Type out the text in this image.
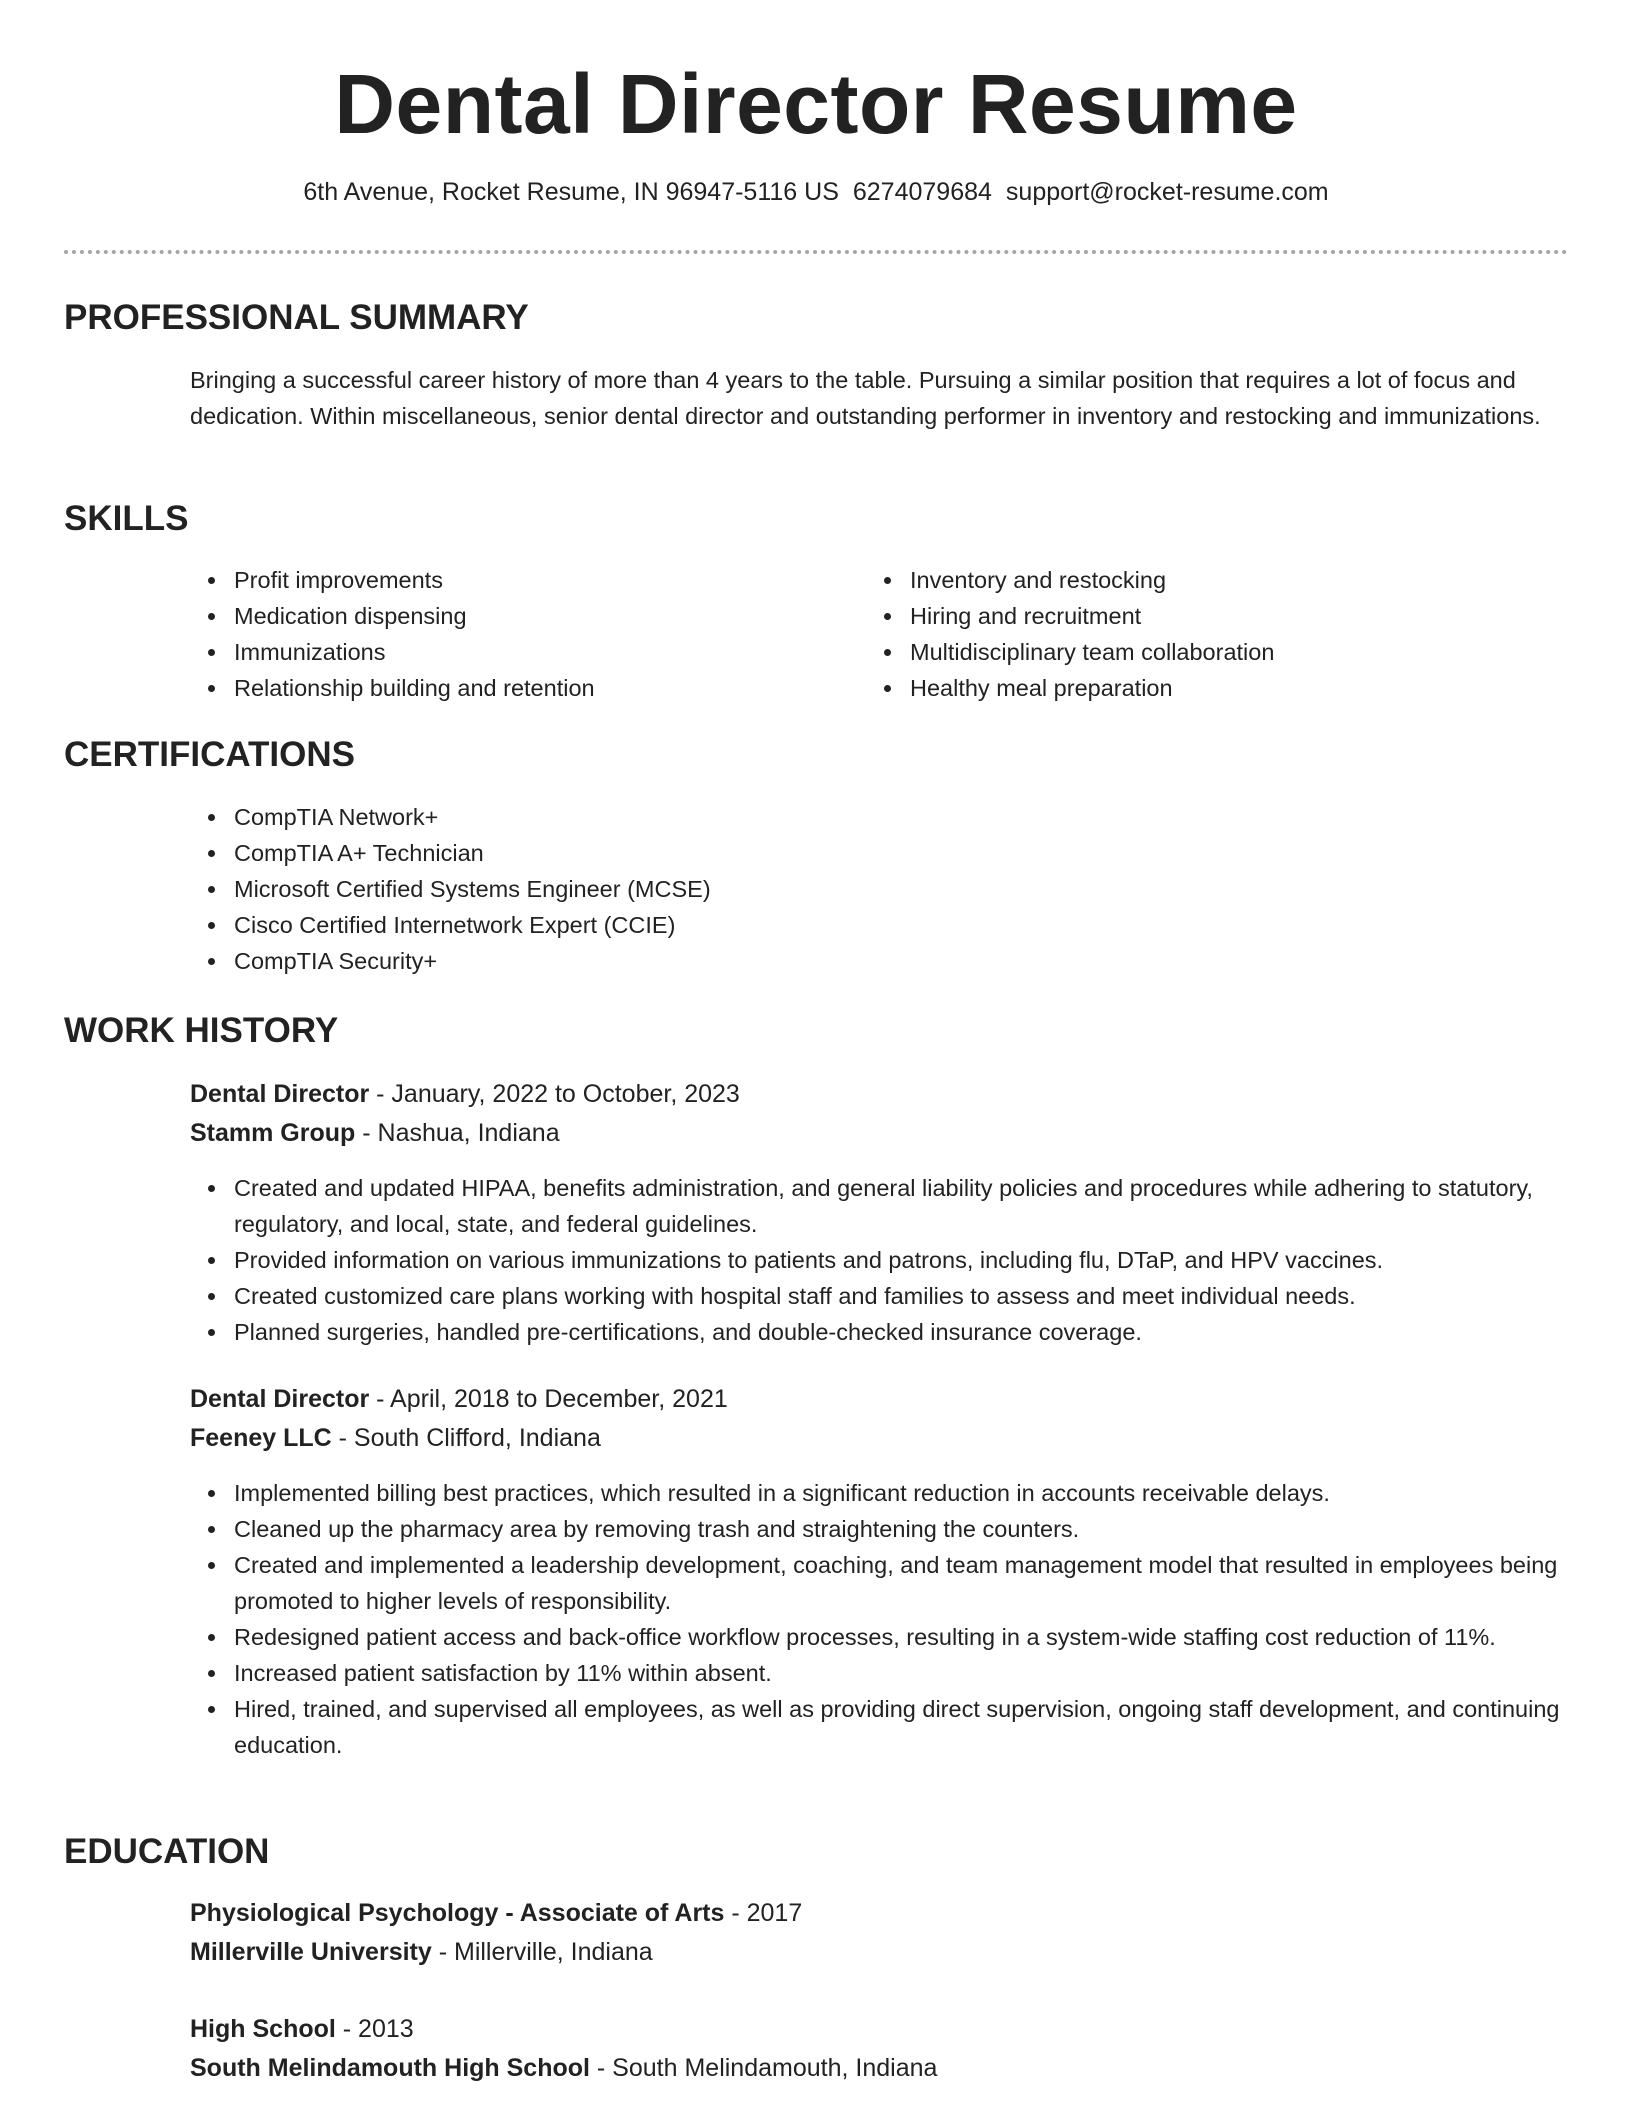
Dental Director Resume
6th Avenue, Rocket Resume, IN 96947-5116 US 6274079684 support@rocket-resume.com
PROFESSIONAL SUMMARY

Bringing a successful career history of more than 4 years to the table. Pursuing a similar position that requires a lot of focus and dedication. Within miscellaneous, senior dental director and outstanding performer in inventory and restocking and immunizations.

SKILLS
Profit improvements
Medication dispensing
Immunizations
Relationship building and retention
Inventory and restocking
Hiring and recruitment
Multidisciplinary team collaboration
Healthy meal preparation
CERTIFICATIONS
CompTIA Network+
CompTIA A+ Technician
Microsoft Certified Systems Engineer (MCSE)
Cisco Certified Internetwork Expert (CCIE)
CompTIA Security+
WORK HISTORY
Dental Director - January, 2022 to October, 2023
Stamm Group - Nashua, Indiana
Created and updated HIPAA, benefits administration, and general liability policies and procedures while adhering to statutory, regulatory, and local, state, and federal guidelines.
Provided information on various immunizations to patients and patrons, including flu, DTaP, and HPV vaccines.
Created customized care plans working with hospital staff and families to assess and meet individual needs.
Planned surgeries, handled pre-certifications, and double-checked insurance coverage.
Dental Director - April, 2018 to December, 2021
Feeney LLC - South Clifford, Indiana
Implemented billing best practices, which resulted in a significant reduction in accounts receivable delays.
Cleaned up the pharmacy area by removing trash and straightening the counters.
Created and implemented a leadership development, coaching, and team management model that resulted in employees being promoted to higher levels of responsibility.
Redesigned patient access and back-office workflow processes, resulting in a system-wide staffing cost reduction of 11%.
Increased patient satisfaction by 11% within absent.
Hired, trained, and supervised all employees, as well as providing direct supervision, ongoing staff development, and continuing education.
EDUCATION
Physiological Psychology - Associate of Arts - 2017
Millerville University - Millerville, Indiana
High School - 2013
South Melindamouth High School - South Melindamouth, Indiana
